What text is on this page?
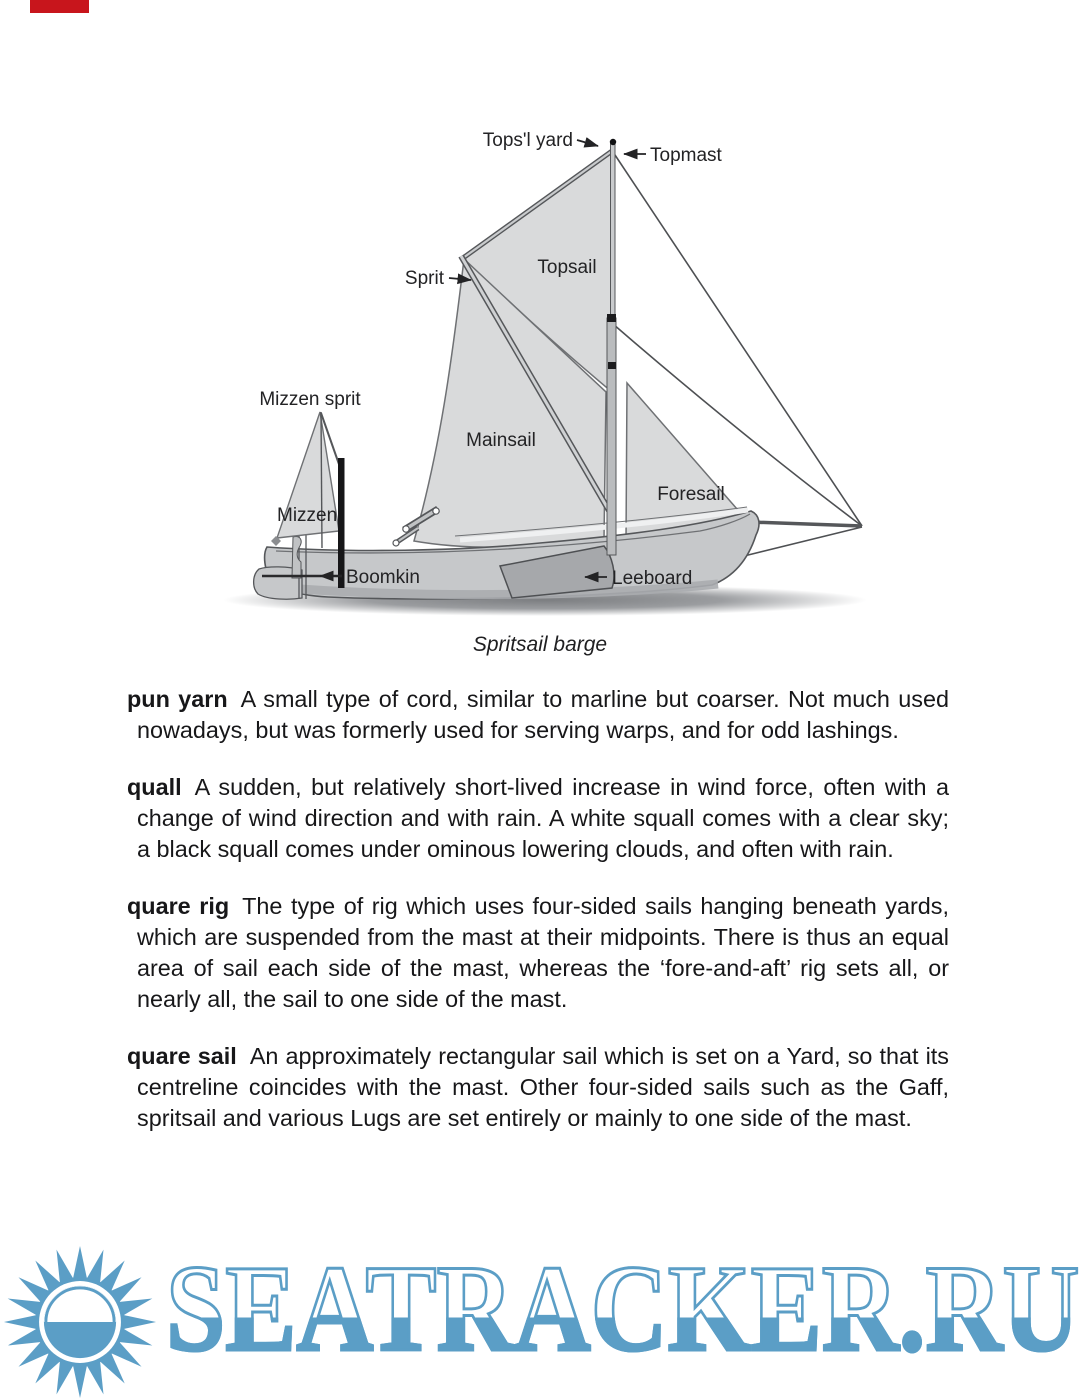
Tops'l yard
Topmast
Sprit
Topsail
Mizzen sprit
Mainsail
Foresail
Mizzen
Boomkin	Leeboard
Spritsail barge

pun yarn A small type of cord, similar to marline but coarser. Not much used nowadays, but was formerly used for serving warps, and for odd lashings.

quall A sudden, but relatively short-lived increase in wind force, often with a change of wind direction and with rain. A white squall comes with a clear sky; a black squall comes under ominous lowering clouds, and often with rain.

quare rig The type of rig which uses four-sided sails hanging beneath yards, which are suspended from the mast at their midpoints. There is thus an equal area of sail each side of the mast, whereas the ‘fore-and-aft’ rig sets all, or nearly all, the sail to one side of the mast.

quare sail An approximately rectangular sail which is set on a Yard, so that its centreline coincides with the mast. Other four-sided sails such as the Gaff, spritsail and various Lugs are set entirely or mainly to one side of the mast.

SEATRACKER.RU
